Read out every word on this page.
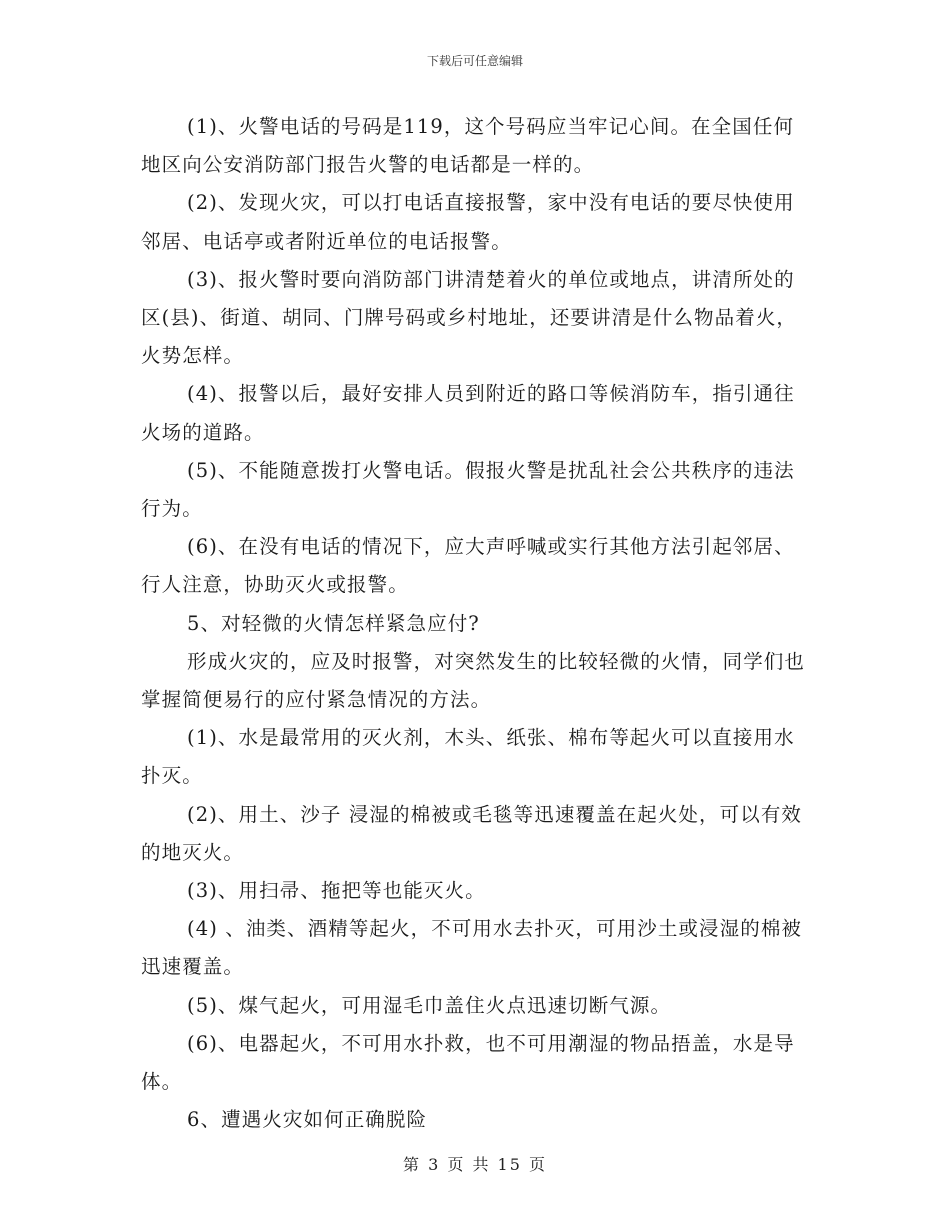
下载后可任意编辑

(1)、火警电话的号码是119，这个号码应当牢记心间。在全国任何地区向公安消防部门报告火警的电话都是一样的。

(2)、发现火灾，可以打电话直接报警，家中没有电话的要尽快使用邻居、电话亭或者附近单位的电话报警。

(3)、报火警时要向消防部门讲清楚着火的单位或地点，讲清所处的区(县)、街道、胡同、门牌号码或乡村地址，还要讲清是什么物品着火，火势怎样。

(4)、报警以后，最好安排人员到附近的路口等候消防车，指引通往火场的道路。

(5)、不能随意拨打火警电话。假报火警是扰乱社会公共秩序的违法行为。

(6)、在没有电话的情况下，应大声呼喊或实行其他方法引起邻居、行人注意，协助灭火或报警。

5、对轻微的火情怎样紧急应付?

形成火灾的，应及时报警，对突然发生的比较轻微的火情，同学们也掌握简便易行的应付紧急情况的方法。

(1)、水是最常用的灭火剂，木头、纸张、棉布等起火可以直接用水扑灭。

(2)、用土、沙子 浸湿的棉被或毛毯等迅速覆盖在起火处，可以有效的地灭火。

(3)、用扫帚、拖把等也能灭火。

(4) 、油类、酒精等起火，不可用水去扑灭，可用沙土或浸湿的棉被迅速覆盖。

(5)、煤气起火，可用湿毛巾盖住火点迅速切断气源。

(6)、电器起火，不可用水扑救，也不可用潮湿的物品捂盖，水是导体。

6、遭遇火灾如何正确脱险

第 3 页 共 15 页
